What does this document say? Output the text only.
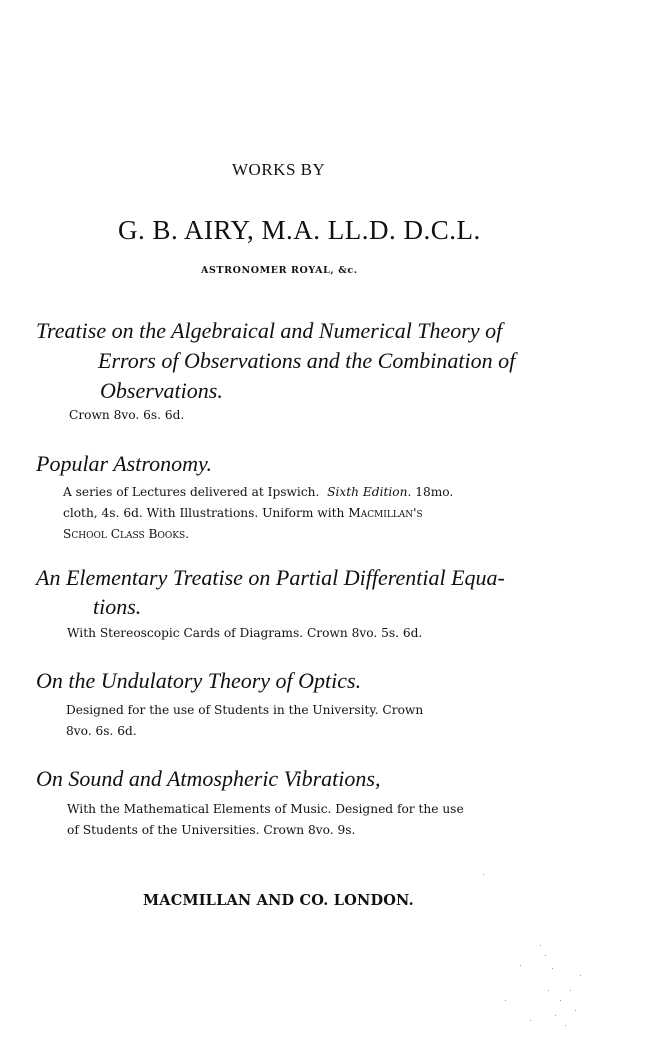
WORKS BY
G. B. AIRY, M.A. LL.D. D.C.L.
ASTRONOMER ROYAL, &c.
Treatise on the Algebraical and Numerical Theory of
Errors of Observations and the Combination of
Observations.
Crown 8vo. 6s. 6d.
Popular Astronomy.
A series of Lectures delivered at Ipswich. Sixth Edition. 18mo.
cloth, 4s. 6d. With Illustrations. Uniform with Macmillan's
School Class Books.
An Elementary Treatise on Partial Differential Equa-
tions.
With Stereoscopic Cards of Diagrams. Crown 8vo. 5s. 6d.
On the Undulatory Theory of Optics.
Designed for the use of Students in the University. Crown
8vo. 6s. 6d.
On Sound and Atmospheric Vibrations,
With the Mathematical Elements of Music. Designed for the use
of Students of the Universities. Crown 8vo. 9s.
MACMILLAN AND CO. LONDON.
